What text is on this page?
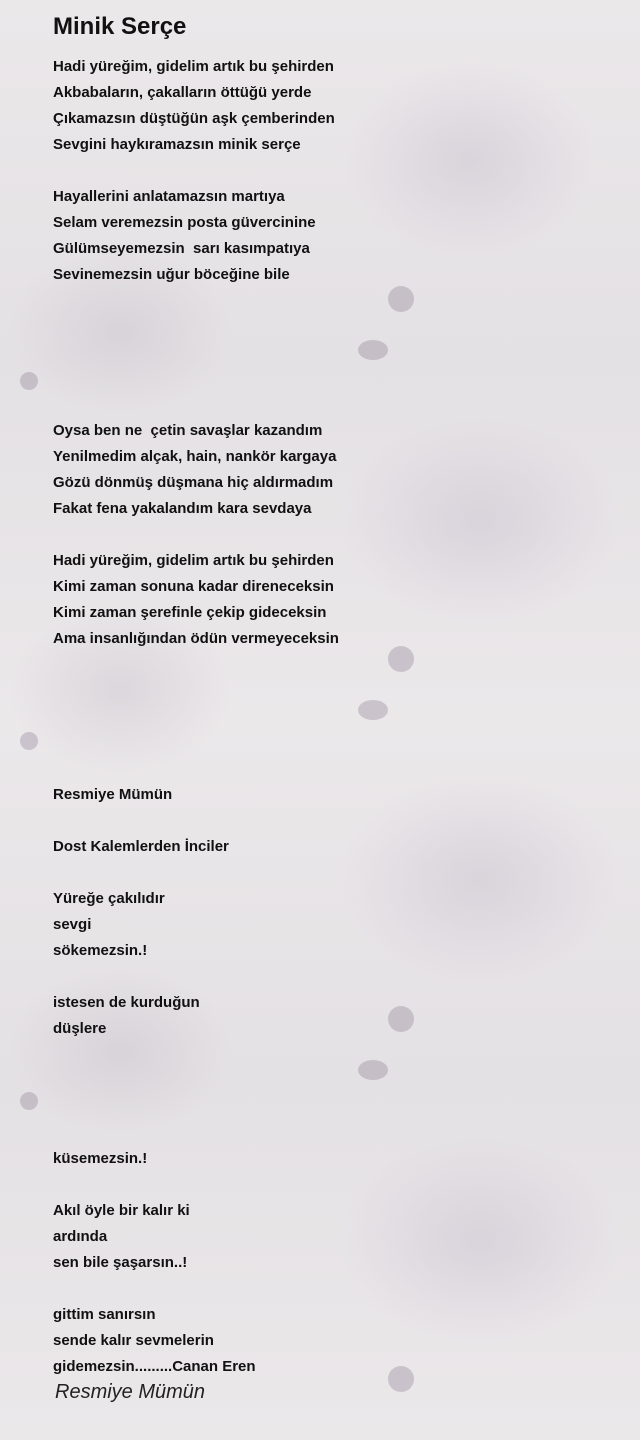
Minik Serçe
Hadi yüreğim, gidelim artık bu şehirden
Akbabaların, çakalların öttüğü yerde
Çıkamazsın düştüğün aşk çemberinden
Sevgini haykıramazsın minik serçe
Hayallerini anlatamazsın martıya
Selam veremezsin posta güvercinine
Gülümseyemezsin  sarı kasımpatıya
Sevinemezsin uğur böceğine bile
Oysa ben ne  çetin savaşlar kazandım
Yenilmedim alçak, hain, nankör kargaya
Gözü dönmüş düşmana hiç aldırmadım
Fakat fena yakalandım kara sevdaya
Hadi yüreğim, gidelim artık bu şehirden
Kimi zaman sonuna kadar direneceksin
Kimi zaman şerefinle çekip gideceksin
Ama insanlığından ödün vermeyeceksin
Resmiye Mümün
Dost Kalemlerden İnciler
Yüreğe çakılıdır
sevgi
sökemezsin.!
istesen de kurduğun
düşlere
küsemezsin.!
Akıl öyle bir kalır ki
ardında
sen bile şaşarsın..!
gittim sanırsın
sende kalır sevmelerin
gidemezsin.........Canan Eren
Resmiye Mümün
